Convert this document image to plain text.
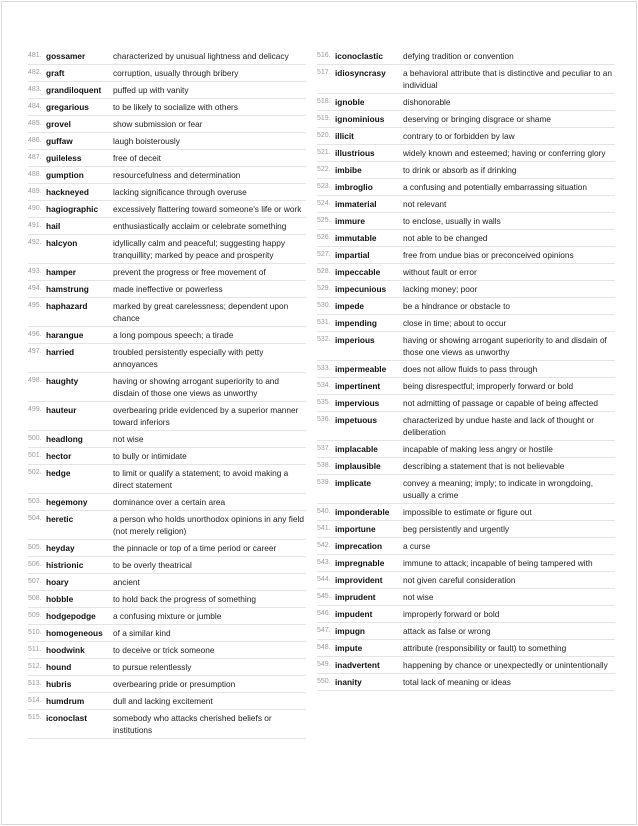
481. gossamer	characterized by unusual lightness and delicacy
482. graft	corruption, usually through bribery
483. grandiloquent	puffed up with vanity
484. gregarious	to be likely to socialize with others
485. grovel	show submission or fear
486. guffaw	laugh boisterously
487. guileless	free of deceit
488. gumption	resourcefulness and determination
489. hackneyed	lacking significance through overuse
490. hagiographic	excessively flattering toward someone's life or work
491. hail	enthusiastically acclaim or celebrate something
492. halcyon	idyllically calm and peaceful; suggesting happy tranquillity; marked by peace and prosperity
493. hamper	prevent the progress or free movement of
494. hamstrung	made ineffective or powerless
495. haphazard	marked by great carelessness; dependent upon chance
496. harangue	a long pompous speech; a tirade
497. harried	troubled persistently especially with petty annoyances
498. haughty	having or showing arrogant superiority to and disdain of those one views as unworthy
499. hauteur	overbearing pride evidenced by a superior manner toward inferiors
500. headlong	not wise
501. hector	to bully or intimidate
502. hedge	to limit or qualify a statement; to avoid making a direct statement
503. hegemony	dominance over a certain area
504. heretic	a person who holds unorthodox opinions in any field (not merely religion)
505. heyday	the pinnacle or top of a time period or career
506. histrionic	to be overly theatrical
507. hoary	ancient
508. hobble	to hold back the progress of something
509. hodgepodge	a confusing mixture or jumble
510. homogeneous	of a similar kind
511. hoodwink	to deceive or trick someone
512. hound	to pursue relentlessly
513. hubris	overbearing pride or presumption
514. humdrum	dull and lacking excitement
515. iconoclast	somebody who attacks cherished beliefs or institutions
516. iconoclastic	defying tradition or convention
517. idiosyncrasy	a behavioral attribute that is distinctive and peculiar to an individual
518. ignoble	dishonorable
519. ignominious	deserving or bringing disgrace or shame
520. illicit	contrary to or forbidden by law
521. illustrious	widely known and esteemed; having or conferring glory
522. imbibe	to drink or absorb as if drinking
523. imbroglio	a confusing and potentially embarrassing situation
524. immaterial	not relevant
525. immure	to enclose, usually in walls
526. immutable	not able to be changed
527. impartial	free from undue bias or preconceived opinions
528. impeccable	without fault or error
529. impecunious	lacking money; poor
530. impede	be a hindrance or obstacle to
531. impending	close in time; about to occur
532. imperious	having or showing arrogant superiority to and disdain of those one views as unworthy
533. impermeable	does not allow fluids to pass through
534. impertinent	being disrespectful; improperly forward or bold
535. impervious	not admitting of passage or capable of being affected
536. impetuous	characterized by undue haste and lack of thought or deliberation
537. implacable	incapable of making less angry or hostile
538. implausible	describing a statement that is not believable
539. implicate	convey a meaning; imply; to indicate in wrongdoing, usually a crime
540. imponderable	impossible to estimate or figure out
541. importune	beg persistently and urgently
542. imprecation	a curse
543. impregnable	immune to attack; incapable of being tampered with
544. improvident	not given careful consideration
545. imprudent	not wise
546. impudent	improperly forward or bold
547. impugn	attack as false or wrong
548. impute	attribute (responsibility or fault) to something
549. inadvertent	happening by chance or unexpectedly or unintentionally
550. inanity	total lack of meaning or ideas
